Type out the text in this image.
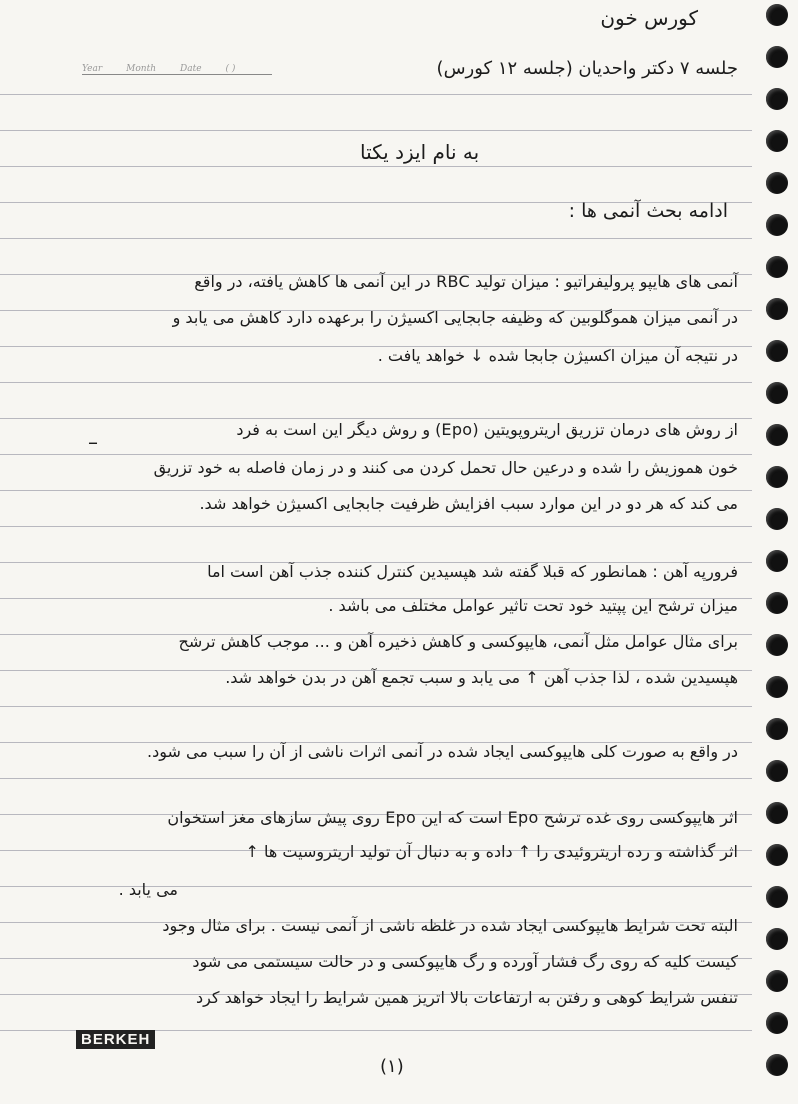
Year	Month	Date	( )
کورس خون
جلسه ۷ دکتر واحدیان (جلسه ۱۲ کورس)
به نام ایزد یکتا
ادامه بحث آنمی ها :
آنمی های هایپو پرولیفراتیو : میزان تولید RBC در این آنمی ها کاهش یافته، در واقع
در آنمی میزان هموگلوبین که وظیفه جابجایی اکسیژن را برعهده دارد کاهش می یابد و
در نتیجه آن میزان اکسیژن جابجا شده ↓ خواهد یافت .
–
از روش های درمان تزریق اریتروپویتین (Epo) و روش دیگر این است به فرد
خون هموزیش را شده و درعین حال تحمل کردن می کنند و در زمان فاصله به خود تزریق
می کند که هر دو در این موارد سبب افزایش ظرفیت جابجایی اکسیژن خواهد شد.
فرورپه آهن : همانطور که قبلا گفته شد هپسیدین کنترل کننده جذب آهن است اما
میزان ترشح این پپتید خود تحت تاثیر عوامل مختلف می باشد .
برای مثال عوامل مثل آنمی، هایپوکسی و کاهش ذخیره آهن و ... موجب کاهش ترشح
هپسیدین شده ، لذا جذب آهن ↑ می یابد و سبب تجمع آهن در بدن خواهد شد.
در واقع به صورت کلی هایپوکسی ایجاد شده در آنمی اثرات ناشی از آن را سبب می شود.
اثر هایپوکسی روی غده ترشح Epo است که این Epo روی پیش سازهای مغز استخوان
اثر گذاشته و رده اریتروئیدی را ↑ داده و به دنبال آن تولید اریتروسیت ها ↑
می یابد .
البته تحت شرایط هایپوکسی ایجاد شده در غلظه ناشی از آنمی نیست . برای مثال وجود
کیست کلیه که روی رگ فشار آورده و رگ هایپوکسی و در حالت سیستمی می شود
تنفس شرایط کوهی و رفتن به ارتفاعات بالا اتریز همین شرایط را ایجاد خواهد کرد
BERKEH
(۱)
